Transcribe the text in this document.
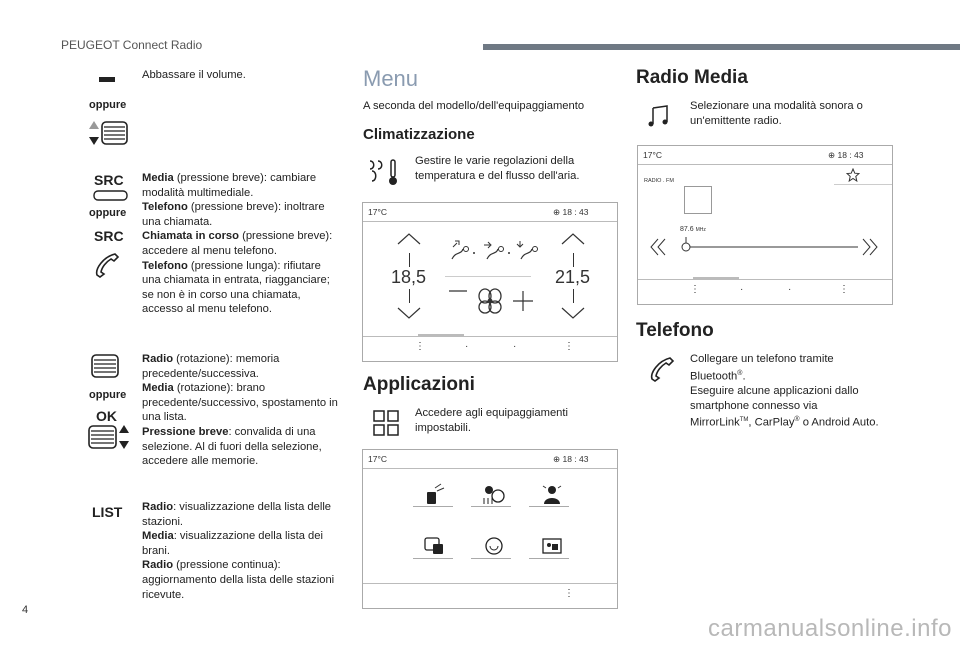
PEUGEOT Connect Radio
Abbassare il volume.
oppure
SRC
oppure
SRC
Media (pressione breve): cambiare modalità multimediale.
Telefono (pressione breve): inoltrare una chiamata.
Chiamata in corso (pressione breve): accedere al menu telefono.
Telefono (pressione lunga): rifiutare una chiamata in entrata, riagganciare; se non è in corso una chiamata, accesso al menu telefono.
oppure
OK
Radio (rotazione): memoria precedente/successiva.
Media (rotazione): brano precedente/successivo, spostamento in una lista.
Pressione breve: convalida di una selezione. Al di fuori della selezione, accedere alle memorie.
LIST Radio: visualizzazione della lista delle stazioni.
Media: visualizzazione della lista dei brani.
Radio (pressione continua): aggiornamento della lista delle stazioni ricevute.
Menu
A seconda del modello/dell'equipaggiamento
Climatizzazione
Gestire le varie regolazioni della temperatura e del flusso dell'aria.
17°C	⊕ 18 : 43
18,5	21,5
⋮	·	·	⋮
Applicazioni
Accedere agli equipaggiamenti impostabili.
17°C	⊕ 18 : 43
⋮
Radio Media
Selezionare una modalità sonora o un'emittente radio.
17°C	⊕ 18 : 43
RADIO . FM
87.6 MHz
⋮	·	·	⋮
Telefono
Collegare un telefono tramite Bluetooth®.
Eseguire alcune applicazioni dallo smartphone connesso via MirrorLink™, CarPlay® o Android Auto.
4
carmanualsonline.info
